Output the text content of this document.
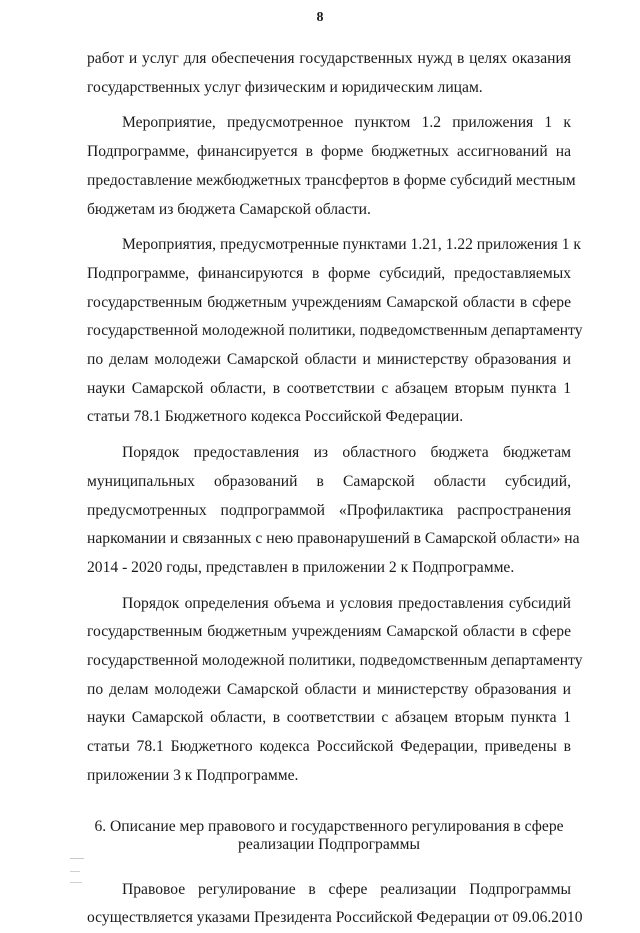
8
работ и услуг для обеспечения государственных нужд в целях оказания
государственных услуг физическим и юридическим лицам.
Мероприятие, предусмотренное пунктом 1.2 приложения 1 к
Подпрограмме, финансируется в форме бюджетных ассигнований на
предоставление межбюджетных трансфертов в форме субсидий местным
бюджетам из бюджета Самарской области.
Мероприятия, предусмотренные пунктами 1.21, 1.22 приложения 1 к
Подпрограмме, финансируются в форме субсидий, предоставляемых
государственным бюджетным учреждениям Самарской области в сфере
государственной молодежной политики, подведомственным департаменту
по делам молодежи Самарской области и министерству образования и
науки Самарской области, в соответствии с абзацем вторым пункта 1
статьи 78.1 Бюджетного кодекса Российской Федерации.
Порядок предоставления из областного бюджета бюджетам
муниципальных образований в Самарской области субсидий,
предусмотренных подпрограммой «Профилактика распространения
наркомании и связанных с нею правонарушений в Самарской области» на
2014 - 2020 годы, представлен в приложении 2 к Подпрограмме.
Порядок определения объема и условия предоставления субсидий
государственным бюджетным учреждениям Самарской области в сфере
государственной молодежной политики, подведомственным департаменту
по делам молодежи Самарской области и министерству образования и
науки Самарской области, в соответствии с абзацем вторым пункта 1
статьи 78.1 Бюджетного кодекса Российской Федерации, приведены в
приложении 3 к Подпрограмме.
6. Описание мер правового и государственного регулирования в сфере
реализации Подпрограммы
Правовое регулирование в сфере реализации Подпрограммы
осуществляется указами Президента Российской Федерации от 09.06.2010
